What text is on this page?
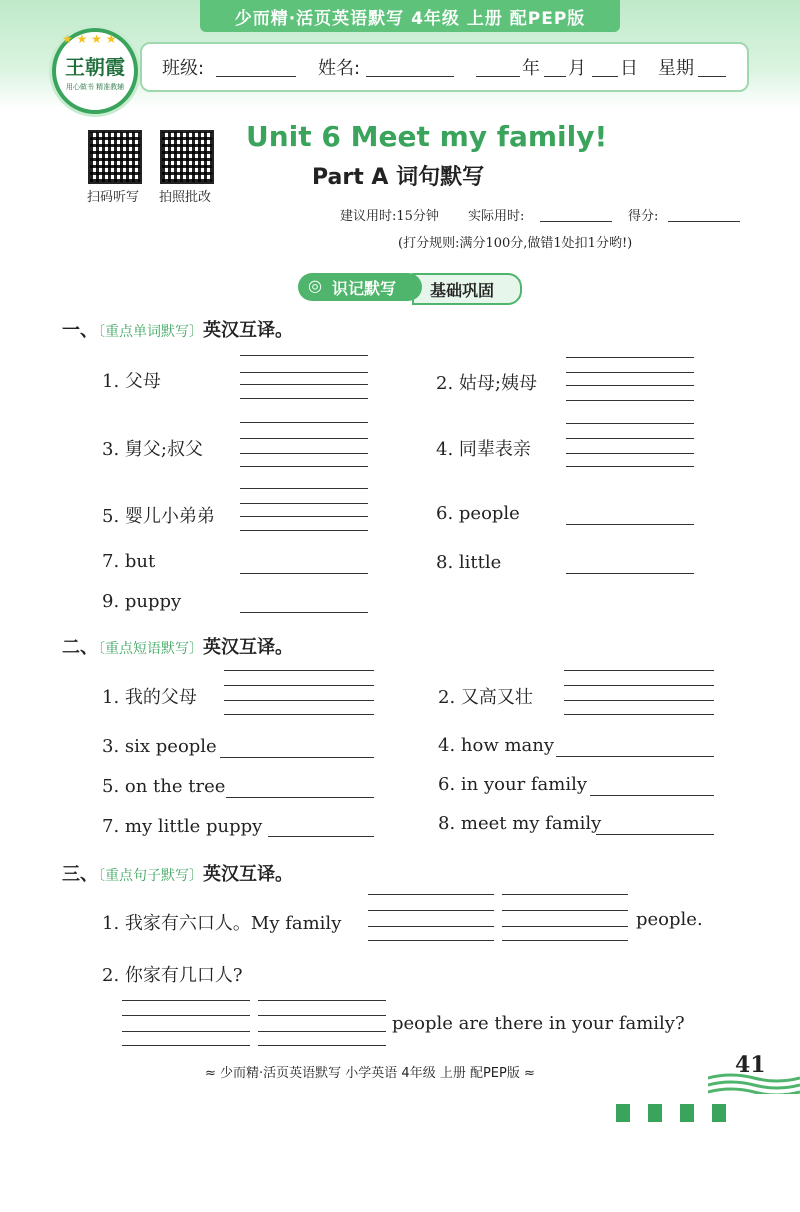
少而精·活页英语默写 4年级 上册 配PEP版
★ ★ ★ ★
王朝霞
用心做书 精准教辅
班级:	姓名:	年 月 日 星期
扫码听写	拍照批改
Unit 6 Meet my family!
Part A 词句默写
建议用时:15分钟 实际用时:	得分:
(打分规则:满分100分,做错1处扣1分哟!)
基础巩固
◎ 识记默写
一、〔重点单词默写〕英汉互译。
1. 父母	2. 姑母;姨母
3. 舅父;叔父	4. 同辈表亲
5. 婴儿小弟弟	6. people
7. but	8. little
9. puppy
二、〔重点短语默写〕英汉互译。
1. 我的父母	2. 又高又壮
3. six people	4. how many
5. on the tree	6. in your family
7. my little puppy	8. meet my family
三、〔重点句子默写〕英汉互译。
1. 我家有六口人。My family	people.
2. 你家有几口人?
people are there in your family?
≈ 少而精·活页英语默写 小学英语 4年级 上册 配PEP版 ≈	41
